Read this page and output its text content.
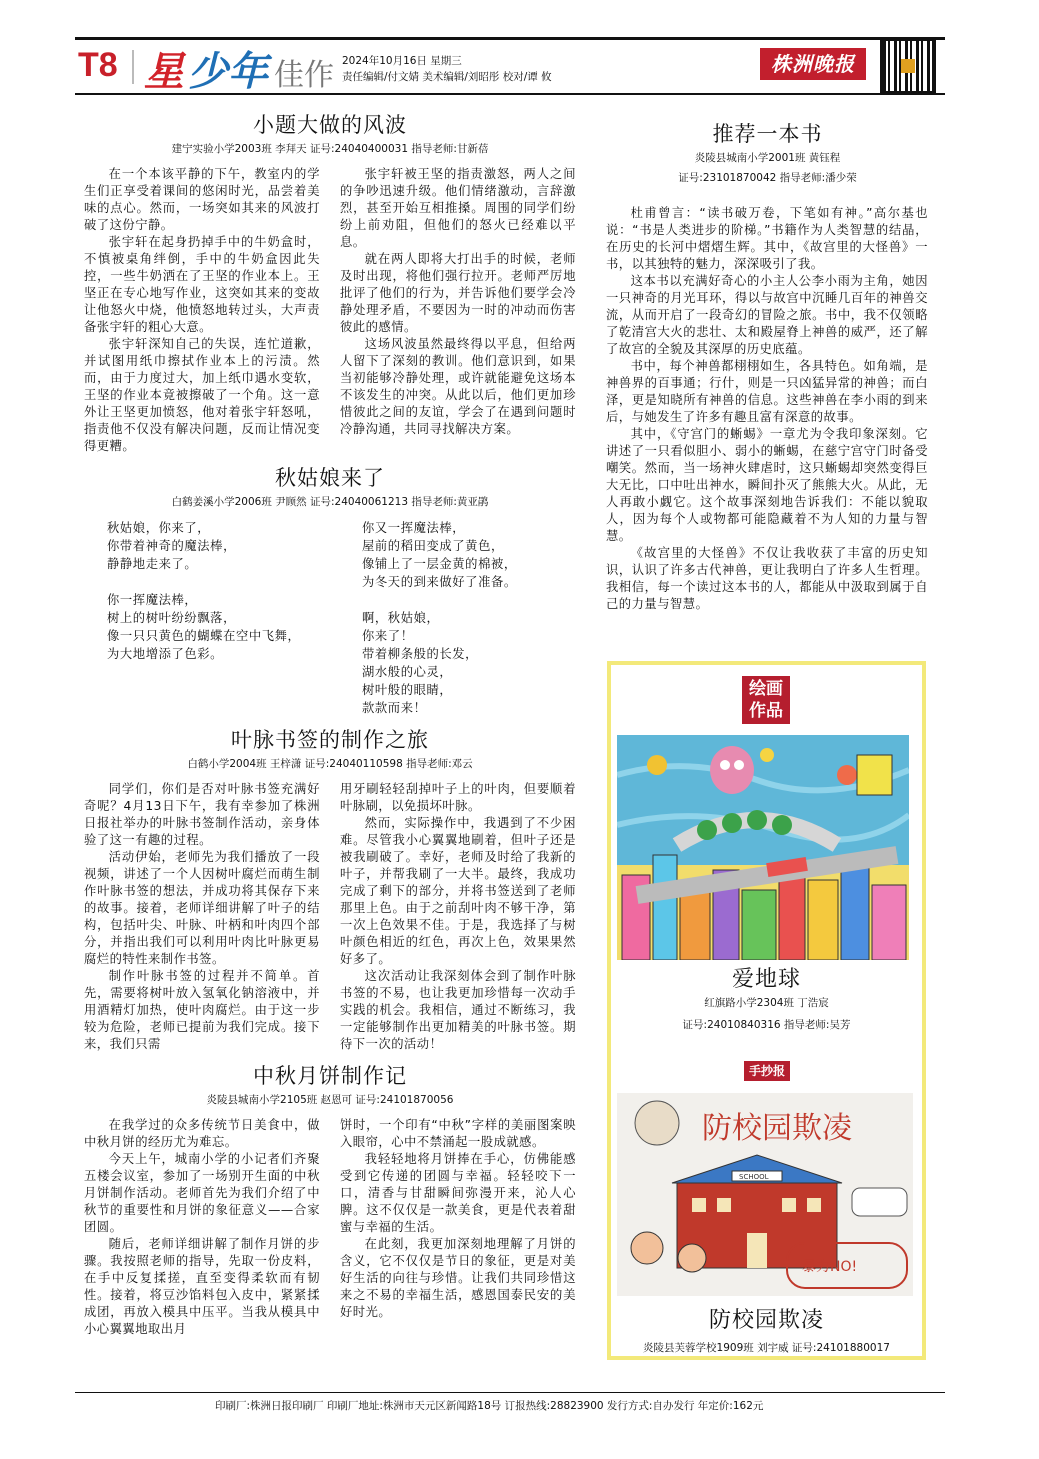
T8 星 少年 佳作 2024年10月16日 星期三
责任编辑/付文婧 美术编辑/刘昭彤 校对/谭 攸
株洲晚报
小题大做的风波
建宁实验小学2003班 李拜天 证号:24040400031 指导老师:甘新蓓

在一个本该平静的下午，教室内的学生们正享受着课间的悠闲时光，品尝着美味的点心。然而，一场突如其来的风波打破了这份宁静。

张宇轩在起身扔掉手中的牛奶盒时，不慎被桌角绊倒，手中的牛奶盒因此失控，一些牛奶洒在了王坚的作业本上。王坚正在专心地写作业，这突如其来的变故让他怒火中烧，他愤怒地转过头，大声责备张宇轩的粗心大意。

张宇轩深知自己的失误，连忙道歉，并试图用纸巾擦拭作业本上的污渍。然而，由于力度过大，加上纸巾遇水变软，王坚的作业本竟被擦破了一个角。这一意外让王坚更加愤怒，他对着张宇轩怒吼，指责他不仅没有解决问题，反而让情况变得更糟。

张宇轩被王坚的指责激怒，两人之间的争吵迅速升级。他们情绪激动，言辞激烈，甚至开始互相推搡。周围的同学们纷纷上前劝阻，但他们的怒火已经难以平息。

就在两人即将大打出手的时候，老师及时出现，将他们强行拉开。老师严厉地批评了他们的行为，并告诉他们要学会冷静处理矛盾，不要因为一时的冲动而伤害彼此的感情。

这场风波虽然最终得以平息，但给两人留下了深刻的教训。他们意识到，如果当初能够冷静处理，或许就能避免这场本不该发生的冲突。从此以后，他们更加珍惜彼此之间的友谊，学会了在遇到问题时冷静沟通，共同寻找解决方案。

秋姑娘来了
白鹤姜溪小学2006班 尹顾然 证号:24040061213 指导老师:黄亚鹃
秋姑娘，你来了，
你带着神奇的魔法棒，
静静地走来了。
你一挥魔法棒，
树上的树叶纷纷飘落，
像一只只黄色的蝴蝶在空中飞舞，
为大地增添了色彩。
你又一挥魔法棒，
屋前的稻田变成了黄色，
像铺上了一层金黄的棉被，
为冬天的到来做好了准备。
啊，秋姑娘，
你来了！
带着柳条般的长发，
湖水般的心灵，
树叶般的眼睛，
款款而来！
叶脉书签的制作之旅
白鹤小学2004班 王梓潇 证号:24040110598 指导老师:邓云

同学们，你们是否对叶脉书签充满好奇呢？4月13日下午，我有幸参加了株洲日报社举办的叶脉书签制作活动，亲身体验了这一有趣的过程。

活动伊始，老师先为我们播放了一段视频，讲述了一个人因树叶腐烂而萌生制作叶脉书签的想法，并成功将其保存下来的故事。接着，老师详细讲解了叶子的结构，包括叶尖、叶脉、叶柄和叶肉四个部分，并指出我们可以利用叶肉比叶脉更易腐烂的特性来制作书签。

制作叶脉书签的过程并不简单。首先，需要将树叶放入氢氧化钠溶液中，并用酒精灯加热，使叶肉腐烂。由于这一步较为危险，老师已提前为我们完成。接下来，我们只需

用牙刷轻轻刮掉叶子上的叶肉，但要顺着叶脉刷，以免损坏叶脉。

然而，实际操作中，我遇到了不少困难。尽管我小心翼翼地刷着，但叶子还是被我刷破了。幸好，老师及时给了我新的叶子，并帮我刷了一大半。最终，我成功完成了剩下的部分，并将书签送到了老师那里上色。由于之前刮叶肉不够干净，第一次上色效果不佳。于是，我选择了与树叶颜色相近的红色，再次上色，效果果然好多了。

这次活动让我深刻体会到了制作叶脉书签的不易，也让我更加珍惜每一次动手实践的机会。我相信，通过不断练习，我一定能够制作出更加精美的叶脉书签。期待下一次的活动！

中秋月饼制作记
炎陵县城南小学2105班 赵恩可 证号:24101870056

在我学过的众多传统节日美食中，做中秋月饼的经历尤为难忘。

今天上午，城南小学的小记者们齐聚五楼会议室，参加了一场别开生面的中秋月饼制作活动。老师首先为我们介绍了中秋节的重要性和月饼的象征意义——合家团圆。

随后，老师详细讲解了制作月饼的步骤。我按照老师的指导，先取一份皮料，在手中反复揉搓，直至变得柔软而有韧性。接着，将豆沙馅料包入皮中，紧紧揉成团，再放入模具中压平。当我从模具中小心翼翼地取出月

饼时，一个印有“中秋”字样的美丽图案映入眼帘，心中不禁涌起一股成就感。

我轻轻地将月饼捧在手心，仿佛能感受到它传递的团圆与幸福。轻轻咬下一口，清香与甘甜瞬间弥漫开来，沁人心脾。这不仅仅是一款美食，更是代表着甜蜜与幸福的生活。

在此刻，我更加深刻地理解了月饼的含义，它不仅仅是节日的象征，更是对美好生活的向往与珍惜。让我们共同珍惜这来之不易的幸福生活，感恩国泰民安的美好时光。

推荐一本书
炎陵县城南小学2001班 黄钰程
证号:23101870042 指导老师:潘少荣

杜甫曾言：“读书破万卷，下笔如有神。”高尔基也说：“书是人类进步的阶梯。”书籍作为人类智慧的结晶，在历史的长河中熠熠生辉。其中，《故宫里的大怪兽》一书，以其独特的魅力，深深吸引了我。

这本书以充满好奇心的小主人公李小雨为主角，她因一只神奇的月光耳环，得以与故宫中沉睡几百年的神兽交流，从而开启了一段奇幻的冒险之旅。书中，我不仅领略了乾清宫大火的悲壮、太和殿屋脊上神兽的威严，还了解了故宫的全貌及其深厚的历史底蕴。

书中，每个神兽都栩栩如生，各具特色。如角端，是神兽界的百事通；行什，则是一只凶猛异常的神兽；而白泽，更是知晓所有神兽的信息。这些神兽在李小雨的到来后，与她发生了许多有趣且富有深意的故事。

其中，《守宫门的蜥蜴》一章尤为令我印象深刻。它讲述了一只看似胆小、弱小的蜥蜴，在慈宁宫守门时备受嘲笑。然而，当一场神火肆虐时，这只蜥蜴却突然变得巨大无比，口中吐出神水，瞬间扑灭了熊熊大火。从此，无人再敢小觑它。这个故事深刻地告诉我们：不能以貌取人，因为每个人或物都可能隐藏着不为人知的力量与智慧。

《故宫里的大怪兽》不仅让我收获了丰富的历史知识，认识了许多古代神兽，更让我明白了许多人生哲理。我相信，每一个读过这本书的人，都能从中汲取到属于自己的力量与智慧。

绘画作品
爱地球
红旗路小学2304班 丁浩宸
证号:24010840316 指导老师:吴芳
手抄报
防校园欺凌
SCHOOL
暴力NO!
防校园欺凌
炎陵县芙蓉学校1909班 刘宇威 证号:24101880017
印刷厂:株洲日报印刷厂 印刷厂地址:株洲市天元区新闻路18号 订报热线:28823900 发行方式:自办发行 年定价:162元
